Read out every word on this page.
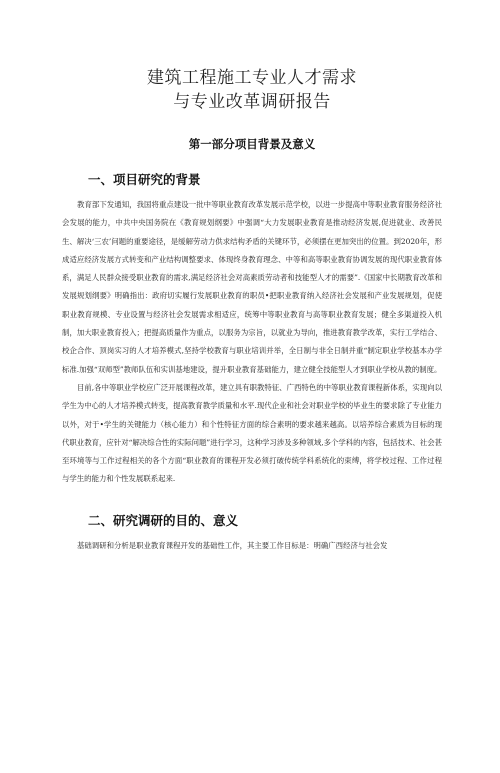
建筑工程施工专业人才需求
与专业改革调研报告
第一部分项目背景及意义
一、项目研究的背景

教育部下发通知，我国将重点建设一批中等职业教育改革发展示范学校，以进一步提高中等职业教育服务经济社会发展的能力，中共中央国务院在《教育规划纲要》中强调“大力发展职业教育是推动经济发展,促进就业、改善民生、解决‘三农’问题的重要途径，是缓解劳动力供求结构矛盾的关键环节，必须摆在更加突出的位置。到2020年，形成适应经济发展方式转变和产业结构调整要求、体现终身教育理念、中等和高等职业教育协调发展的现代职业教育体系，满足人民群众接受职业教育的需求,满足经济社会对高素质劳动者和技能型人才的需要”.《国家中长期教育改革和发展规划纲要》明确指出：政府切实履行发展职业教育的职员•把职业教育纳入经济社会发展和产业发展规划，促使职业教育规模、专业设置与经济社会发展需求相适应，统筹中等职业教育与高等职业教育发展；健全多渠道投入机制，加大职业教育投入；把提高质量作为重点，以服务为宗旨，以就业为导向，推进教育教学改革，实行工学结合、校企合作、顶岗实习的人才培养模式,坚持学校教育与职业培训并举，全日制与非全日制并重“制定职业学校基本办学标准.加强“双师型”教师队伍和实训基地建设，提升职业教育基础能力，建立健全技能型人才到职业学校从教的制度。

目前,各中等职业学校应广泛开展课程改革，建立具有职教特征、广西特色的中等职业教育课程新体系，实现向以学生为中心的人才培养模式转变，提高教育教学质量和水平.现代企业和社会对职业学校的毕业生的要求除了专业能力以外，对于•学生的关键能力（核心能力）和个性特征方面的综合素明的要求越来越高。以培养综合素质为目标的现代职业教育，应针对“解决综合性的实际问题”进行学习，这种学习涉及多种领域,多个学科的内容，包括技术、社会甚至环境等与工作过程相关的各个方面“职业教育的课程开发必须打破传统学科系统化的束缚，将学校过程、工作过程与学生的能力和个性发展联系起来.

二、研究调研的目的、意义

基础调研和分析是职业教育课程开发的基础性工作，其主要工作目标是：明确广西经济与社会发
